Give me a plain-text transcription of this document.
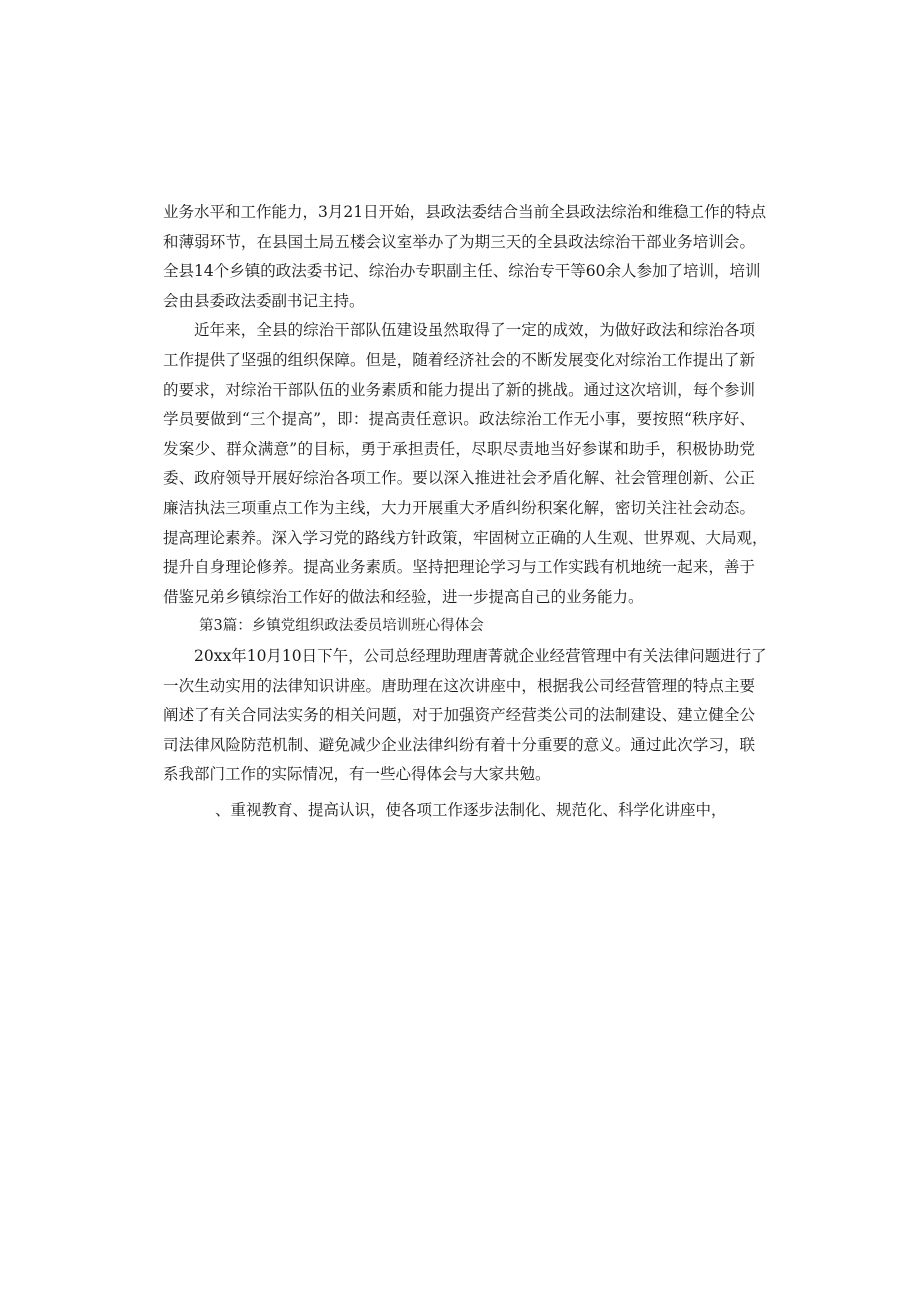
业务水平和工作能力，3月21日开始，县政法委结合当前全县政法综治和维稳工作的特点
和薄弱环节，在县国土局五楼会议室举办了为期三天的全县政法综治干部业务培训会。
全县14个乡镇的政法委书记、综治办专职副主任、综治专干等60余人参加了培训，培训
会由县委政法委副书记主持。
近年来，全县的综治干部队伍建设虽然取得了一定的成效，为做好政法和综治各项
工作提供了坚强的组织保障。但是，随着经济社会的不断发展变化对综治工作提出了新
的要求，对综治干部队伍的业务素质和能力提出了新的挑战。通过这次培训，每个参训
学员要做到“三个提高”，即：提高责任意识。政法综治工作无小事，要按照“秩序好、
发案少、群众满意”的目标，勇于承担责任，尽职尽责地当好参谋和助手，积极协助党
委、政府领导开展好综治各项工作。要以深入推进社会矛盾化解、社会管理创新、公正
廉洁执法三项重点工作为主线，大力开展重大矛盾纠纷积案化解，密切关注社会动态。
提高理论素养。深入学习党的路线方针政策，牢固树立正确的人生观、世界观、大局观，
提升自身理论修养。提高业务素质。坚持把理论学习与工作实践有机地统一起来，善于
借鉴兄弟乡镇综治工作好的做法和经验，进一步提高自己的业务能力。
第3篇：乡镇党组织政法委员培训班心得体会
20xx年10月10日下午，公司总经理助理唐菁就企业经营管理中有关法律问题进行了
一次生动实用的法律知识讲座。唐助理在这次讲座中，根据我公司经营管理的特点主要
阐述了有关合同法实务的相关问题，对于加强资产经营类公司的法制建设、建立健全公
司法律风险防范机制、避免减少企业法律纠纷有着十分重要的意义。通过此次学习，联
系我部门工作的实际情况，有一些心得体会与大家共勉。
、重视教育、提高认识，使各项工作逐步法制化、规范化、科学化讲座中，
